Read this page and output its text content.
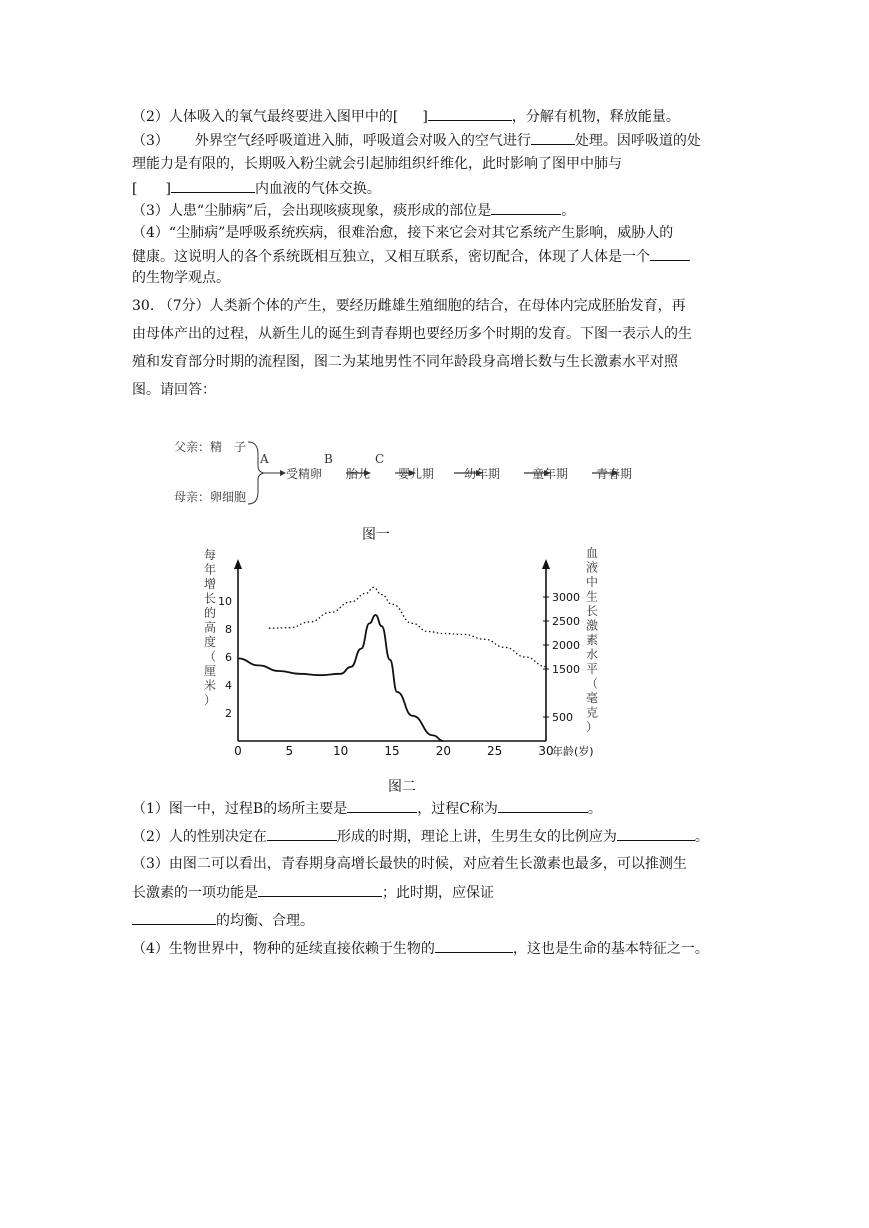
（2）人体吸入的氧气最终要进入图甲中的[ ]	，分解有机物，释放能量。
（3） 外界空气经呼吸道进入肺，呼吸道会对吸入的空气进行	处理。因呼吸道的处
理能力是有限的，长期吸入粉尘就会引起肺组织纤维化，此时影响了图甲中肺与
[ ]	内血液的气体交换。
（3）人患“尘肺病”后，会出现咳痰现象，痰形成的部位是	。
（4）“尘肺病”是呼吸系统疾病，很难治愈，接下来它会对其它系统产生影响，威胁人的
健康。这说明人的各个系统既相互独立，又相互联系，密切配合，体现了人体是一个
的生物学观点。
30. （7分）人类新个体的产生，要经历雌雄生殖细胞的结合，在母体内完成胚胎发育，再
由母体产出的过程，从新生儿的诞生到青春期也要经历多个时期的发育。下图一表示人的生
殖和发育部分时期的流程图，图二为某地男性不同年龄段身高增长数与生长激素水平对照
图。请回答：
父亲：精　子
母亲：卵细胞
A	B	C
受精卵 胎儿 婴儿期 幼年期	童年期 青春期
图一
0	5	10	15	20	25	30
年龄(岁)
2
4
6
8
10
500
1500
2000
2500
3000
每年增长的高度（厘米）
血液中生长激素水平（毫克）
图二
（1）图一中，过程B的场所主要是	，过程C称为	。
（2）人的性别决定在	形成的时期，理论上讲，生男生女的比例应为	。
（3）由图二可以看出，青春期身高增长最快的时候，对应着生长激素也最多，可以推测生
长激素的一项功能是	；此时期，应保证
的均衡、合理。
（4）生物世界中，物种的延续直接依赖于生物的	，这也是生命的基本特征之一。
